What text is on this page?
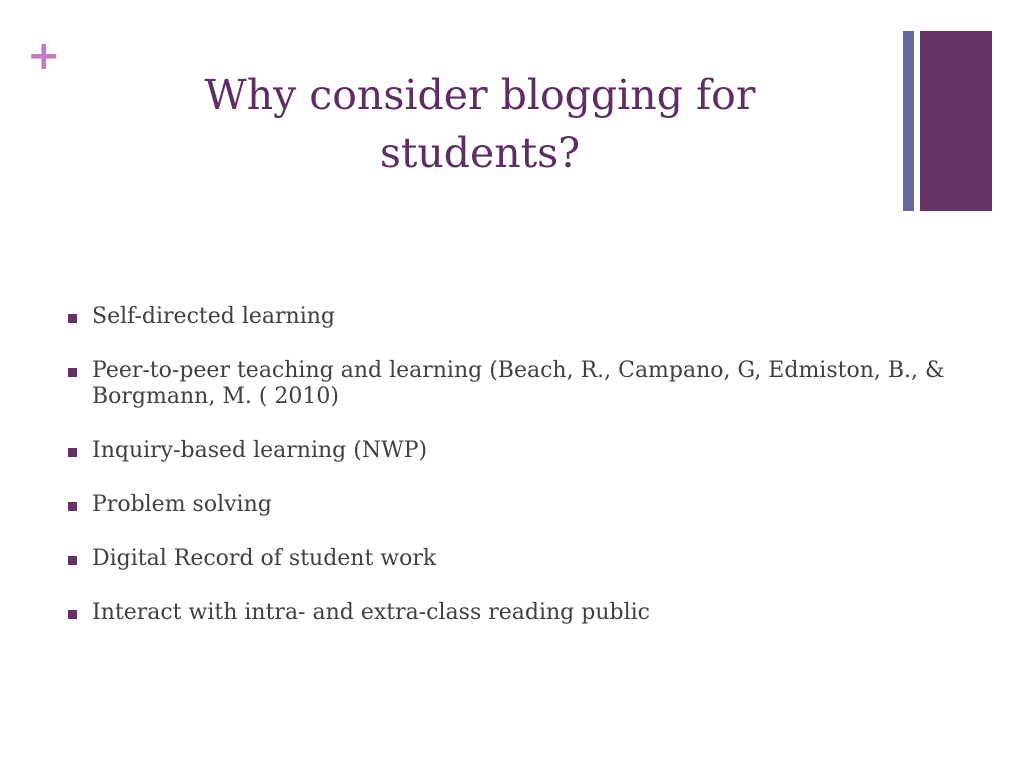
+
Why consider blogging for students?
Self-directed learning
Peer-to-peer teaching and learning (Beach, R., Campano, G, Edmiston, B., & Borgmann, M. ( 2010)
Inquiry-based learning (NWP)
Problem solving
Digital Record of student work
Interact with intra- and extra-class reading public
